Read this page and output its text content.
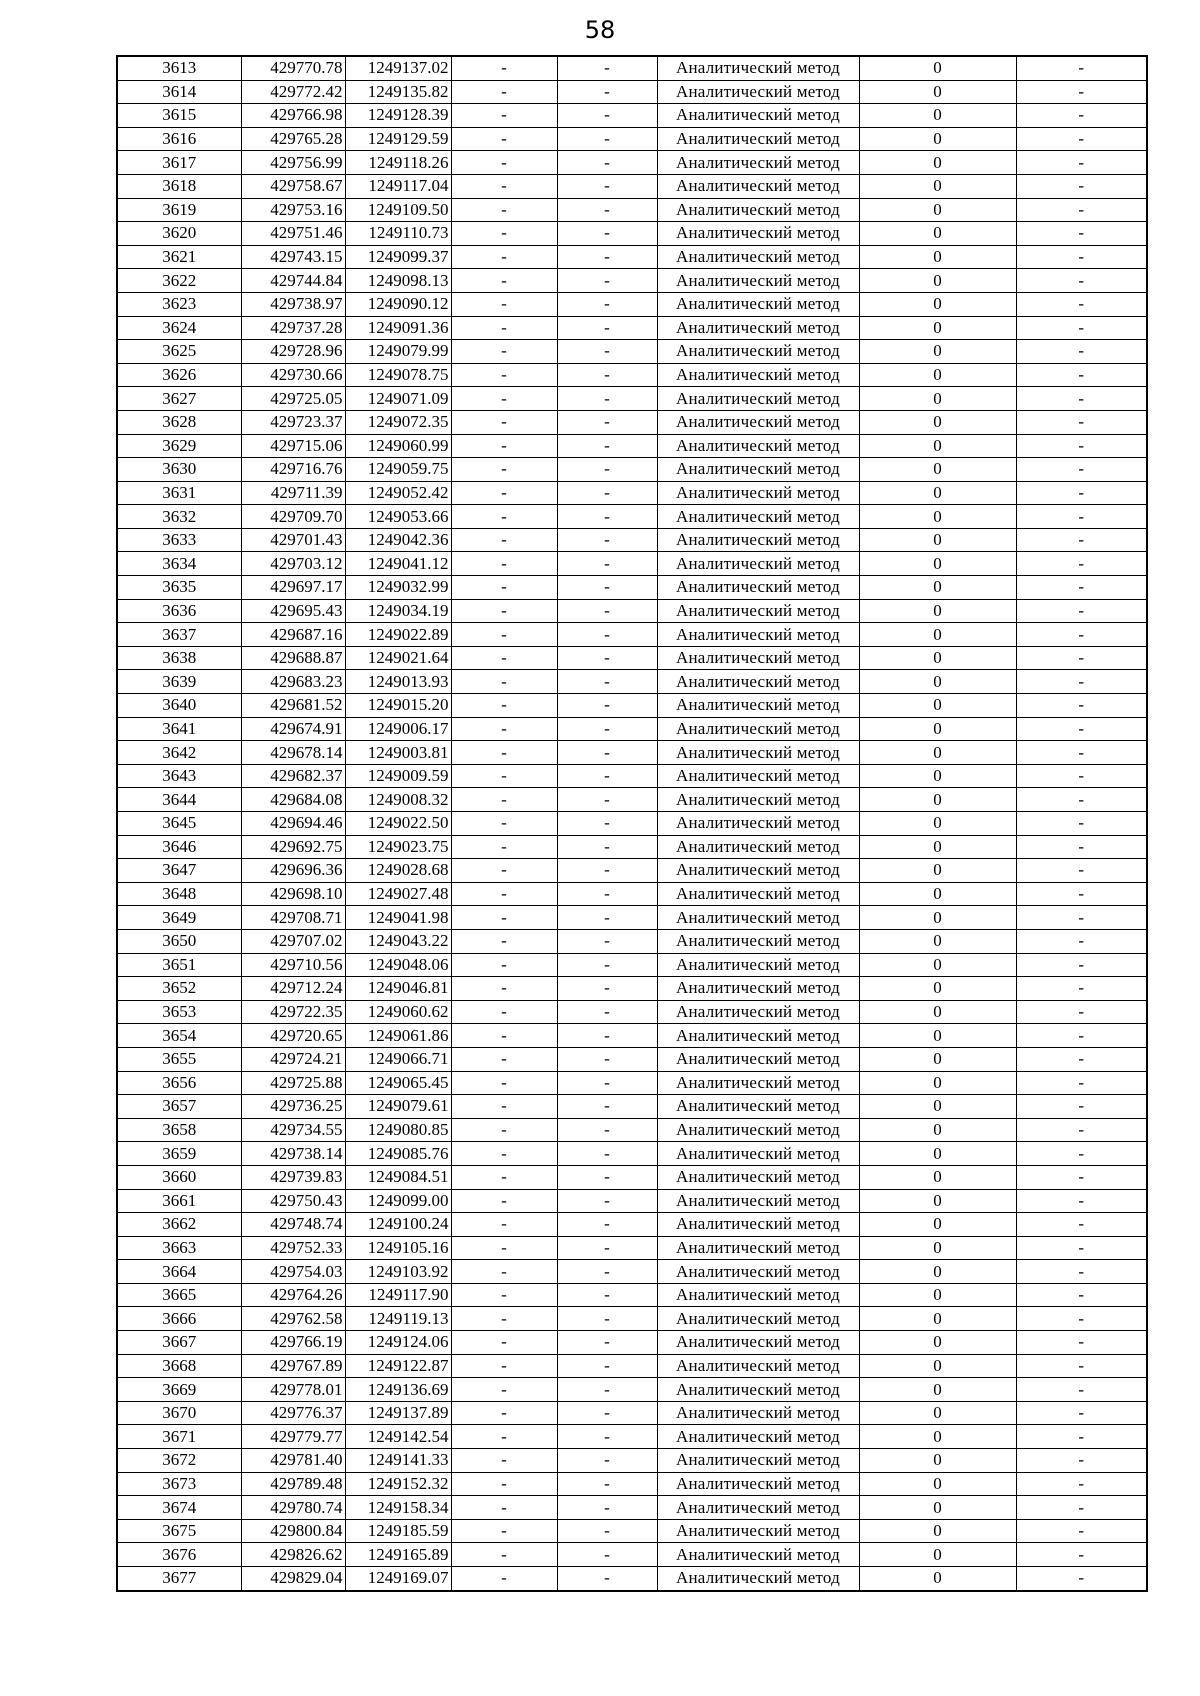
58
3613	429770.78	1249137.02	-	-	Аналитический метод	0	-
3614	429772.42	1249135.82	-	-	Аналитический метод	0	-
3615	429766.98	1249128.39	-	-	Аналитический метод	0	-
3616	429765.28	1249129.59	-	-	Аналитический метод	0	-
3617	429756.99	1249118.26	-	-	Аналитический метод	0	-
3618	429758.67	1249117.04	-	-	Аналитический метод	0	-
3619	429753.16	1249109.50	-	-	Аналитический метод	0	-
3620	429751.46	1249110.73	-	-	Аналитический метод	0	-
3621	429743.15	1249099.37	-	-	Аналитический метод	0	-
3622	429744.84	1249098.13	-	-	Аналитический метод	0	-
3623	429738.97	1249090.12	-	-	Аналитический метод	0	-
3624	429737.28	1249091.36	-	-	Аналитический метод	0	-
3625	429728.96	1249079.99	-	-	Аналитический метод	0	-
3626	429730.66	1249078.75	-	-	Аналитический метод	0	-
3627	429725.05	1249071.09	-	-	Аналитический метод	0	-
3628	429723.37	1249072.35	-	-	Аналитический метод	0	-
3629	429715.06	1249060.99	-	-	Аналитический метод	0	-
3630	429716.76	1249059.75	-	-	Аналитический метод	0	-
3631	429711.39	1249052.42	-	-	Аналитический метод	0	-
3632	429709.70	1249053.66	-	-	Аналитический метод	0	-
3633	429701.43	1249042.36	-	-	Аналитический метод	0	-
3634	429703.12	1249041.12	-	-	Аналитический метод	0	-
3635	429697.17	1249032.99	-	-	Аналитический метод	0	-
3636	429695.43	1249034.19	-	-	Аналитический метод	0	-
3637	429687.16	1249022.89	-	-	Аналитический метод	0	-
3638	429688.87	1249021.64	-	-	Аналитический метод	0	-
3639	429683.23	1249013.93	-	-	Аналитический метод	0	-
3640	429681.52	1249015.20	-	-	Аналитический метод	0	-
3641	429674.91	1249006.17	-	-	Аналитический метод	0	-
3642	429678.14	1249003.81	-	-	Аналитический метод	0	-
3643	429682.37	1249009.59	-	-	Аналитический метод	0	-
3644	429684.08	1249008.32	-	-	Аналитический метод	0	-
3645	429694.46	1249022.50	-	-	Аналитический метод	0	-
3646	429692.75	1249023.75	-	-	Аналитический метод	0	-
3647	429696.36	1249028.68	-	-	Аналитический метод	0	-
3648	429698.10	1249027.48	-	-	Аналитический метод	0	-
3649	429708.71	1249041.98	-	-	Аналитический метод	0	-
3650	429707.02	1249043.22	-	-	Аналитический метод	0	-
3651	429710.56	1249048.06	-	-	Аналитический метод	0	-
3652	429712.24	1249046.81	-	-	Аналитический метод	0	-
3653	429722.35	1249060.62	-	-	Аналитический метод	0	-
3654	429720.65	1249061.86	-	-	Аналитический метод	0	-
3655	429724.21	1249066.71	-	-	Аналитический метод	0	-
3656	429725.88	1249065.45	-	-	Аналитический метод	0	-
3657	429736.25	1249079.61	-	-	Аналитический метод	0	-
3658	429734.55	1249080.85	-	-	Аналитический метод	0	-
3659	429738.14	1249085.76	-	-	Аналитический метод	0	-
3660	429739.83	1249084.51	-	-	Аналитический метод	0	-
3661	429750.43	1249099.00	-	-	Аналитический метод	0	-
3662	429748.74	1249100.24	-	-	Аналитический метод	0	-
3663	429752.33	1249105.16	-	-	Аналитический метод	0	-
3664	429754.03	1249103.92	-	-	Аналитический метод	0	-
3665	429764.26	1249117.90	-	-	Аналитический метод	0	-
3666	429762.58	1249119.13	-	-	Аналитический метод	0	-
3667	429766.19	1249124.06	-	-	Аналитический метод	0	-
3668	429767.89	1249122.87	-	-	Аналитический метод	0	-
3669	429778.01	1249136.69	-	-	Аналитический метод	0	-
3670	429776.37	1249137.89	-	-	Аналитический метод	0	-
3671	429779.77	1249142.54	-	-	Аналитический метод	0	-
3672	429781.40	1249141.33	-	-	Аналитический метод	0	-
3673	429789.48	1249152.32	-	-	Аналитический метод	0	-
3674	429780.74	1249158.34	-	-	Аналитический метод	0	-
3675	429800.84	1249185.59	-	-	Аналитический метод	0	-
3676	429826.62	1249165.89	-	-	Аналитический метод	0	-
3677	429829.04	1249169.07	-	-	Аналитический метод	0	-
